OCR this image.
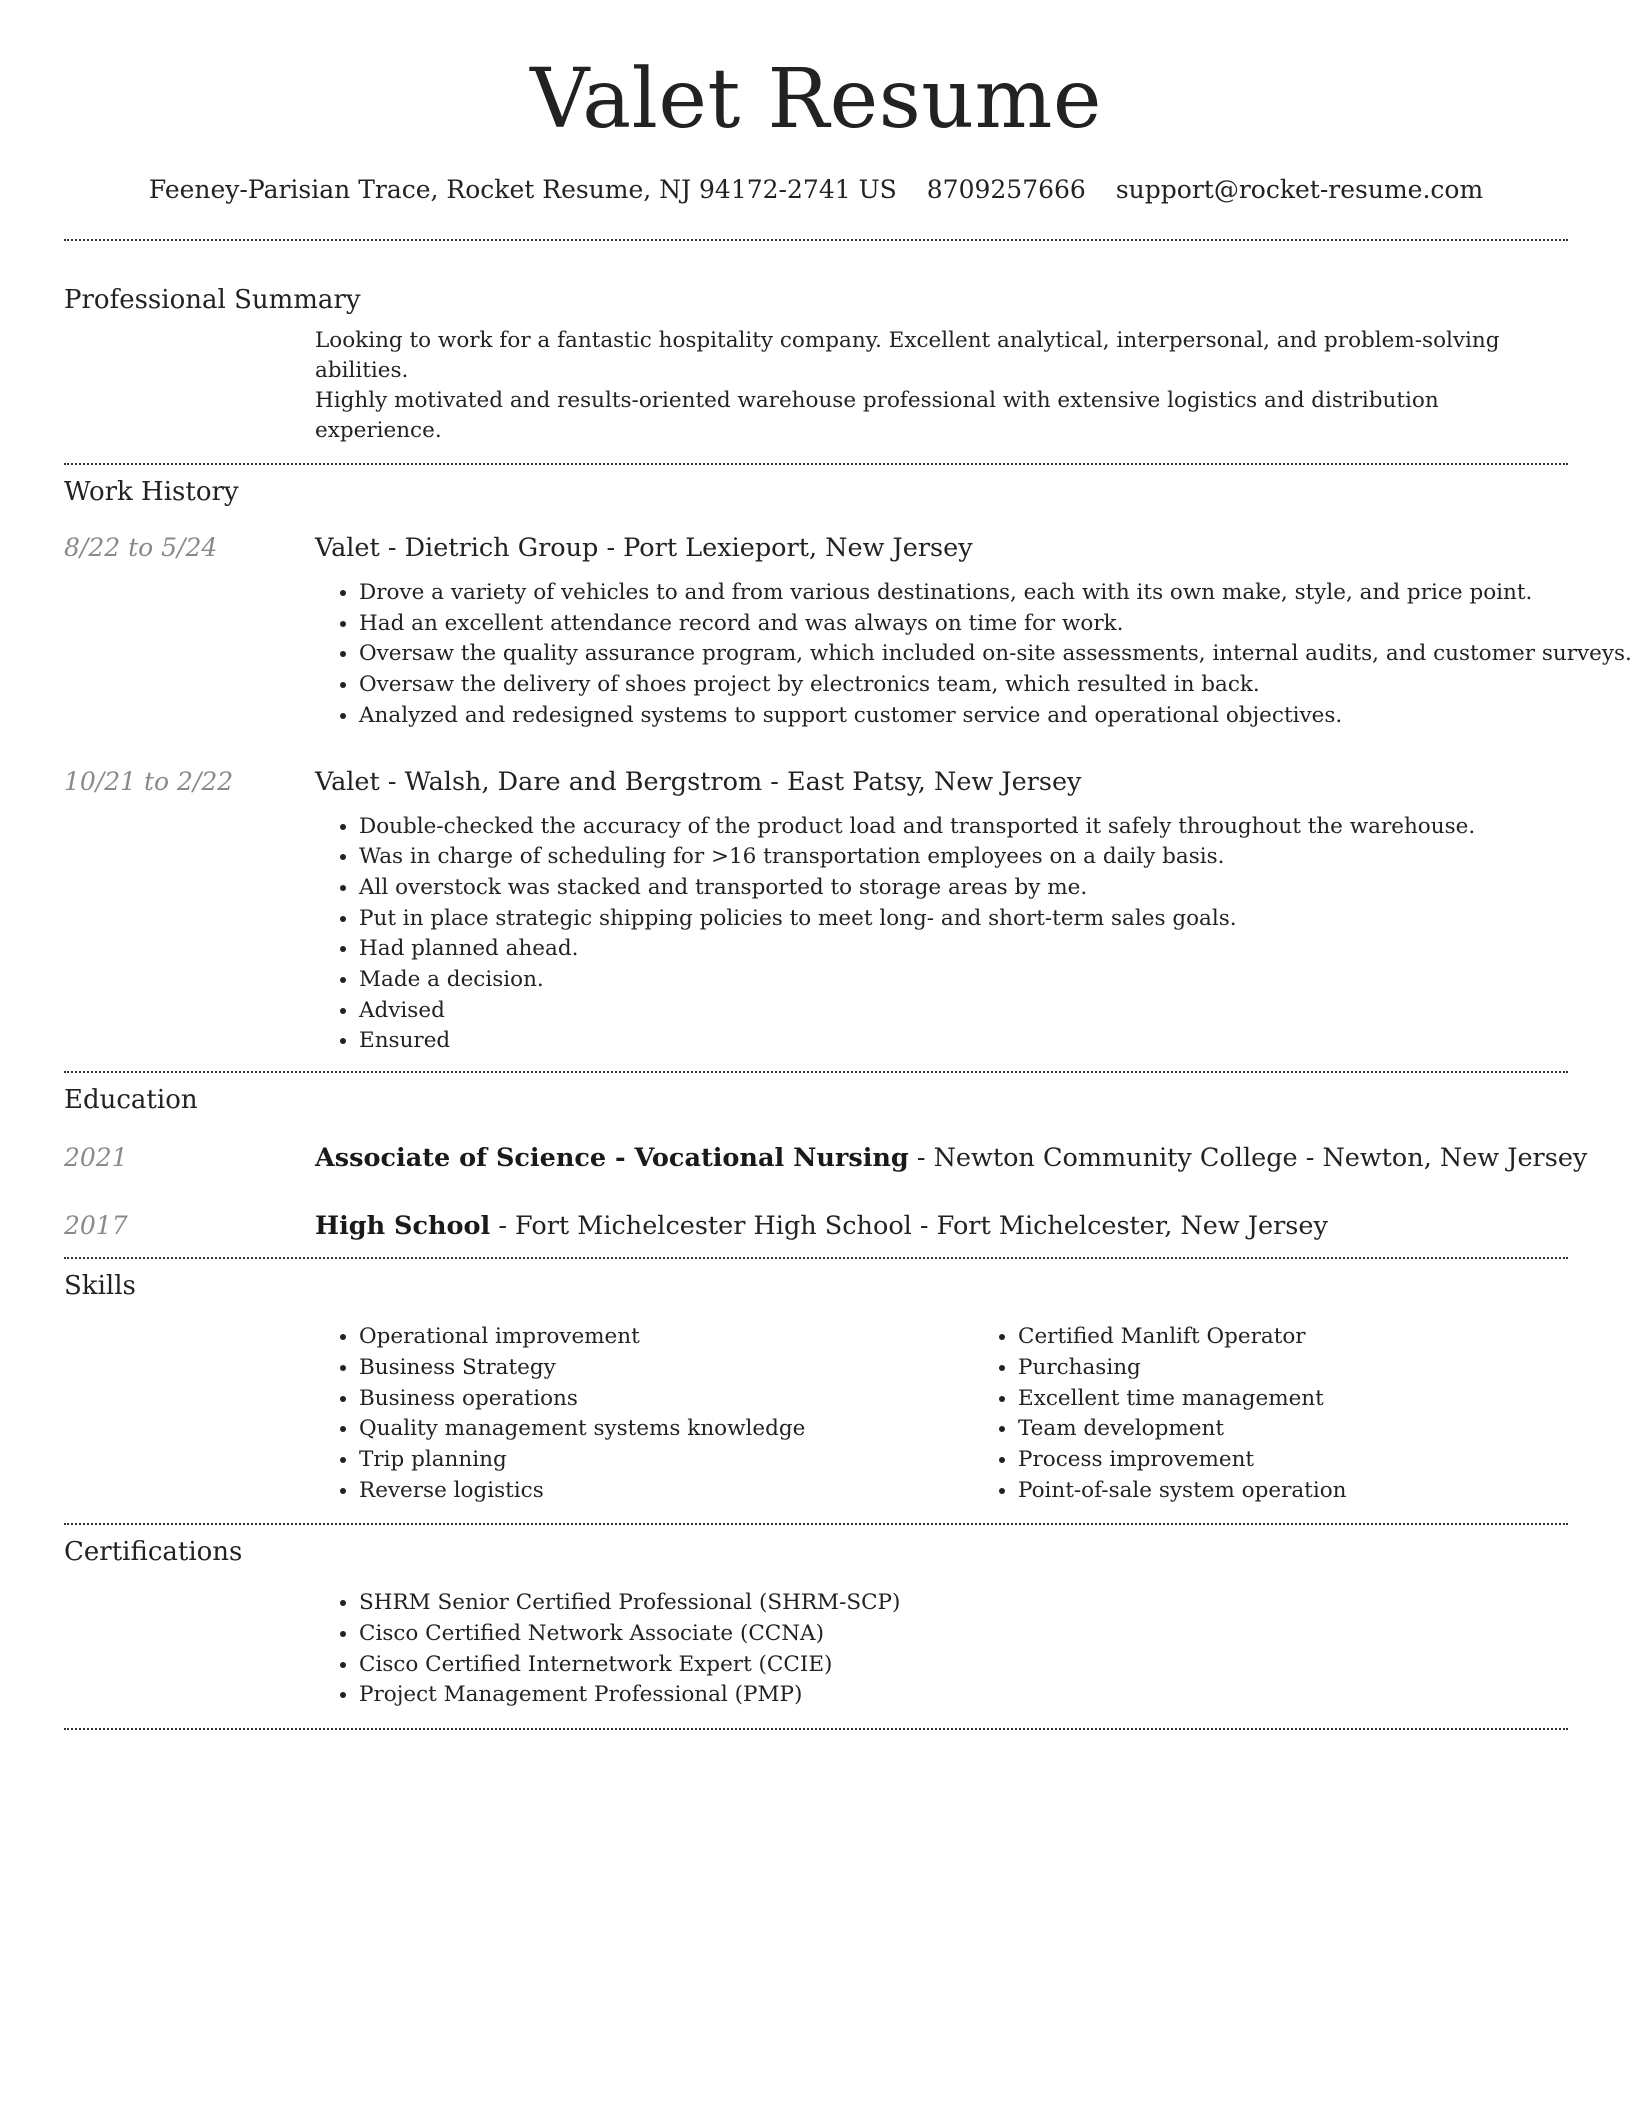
Valet Resume
Feeney-Parisian Trace, Rocket Resume, NJ 94172-2741 US 8709257666 support@rocket-resume.com
Professional Summary
Looking to work for a fantastic hospitality company. Excellent analytical, interpersonal, and problem-solving abilities.
Highly motivated and results-oriented warehouse professional with extensive logistics and distribution experience.
Work History
8/22 to 5/24	Valet - Dietrich Group - Port Lexieport, New Jersey
• Drove a variety of vehicles to and from various destinations, each with its own make, style, and price point.
• Had an excellent attendance record and was always on time for work.
• Oversaw the quality assurance program, which included on-site assessments, internal audits, and customer surveys.
• Oversaw the delivery of shoes project by electronics team, which resulted in back.
• Analyzed and redesigned systems to support customer service and operational objectives.
10/21 to 2/22	Valet - Walsh, Dare and Bergstrom - East Patsy, New Jersey
• Double-checked the accuracy of the product load and transported it safely throughout the warehouse.
• Was in charge of scheduling for >16 transportation employees on a daily basis.
• All overstock was stacked and transported to storage areas by me.
• Put in place strategic shipping policies to meet long- and short-term sales goals.
• Had planned ahead.
• Made a decision.
• Advised
• Ensured
Education
2021	Associate of Science - Vocational Nursing - Newton Community College - Newton, New Jersey
2017	High School - Fort Michelcester High School - Fort Michelcester, New Jersey
Skills
• Operational improvement
• Business Strategy
• Business operations
• Quality management systems knowledge
• Trip planning
• Reverse logistics
• Certified Manlift Operator
• Purchasing
• Excellent time management
• Team development
• Process improvement
• Point-of-sale system operation
Certifications
• SHRM Senior Certified Professional (SHRM-SCP)
• Cisco Certified Network Associate (CCNA)
• Cisco Certified Internetwork Expert (CCIE)
• Project Management Professional (PMP)
